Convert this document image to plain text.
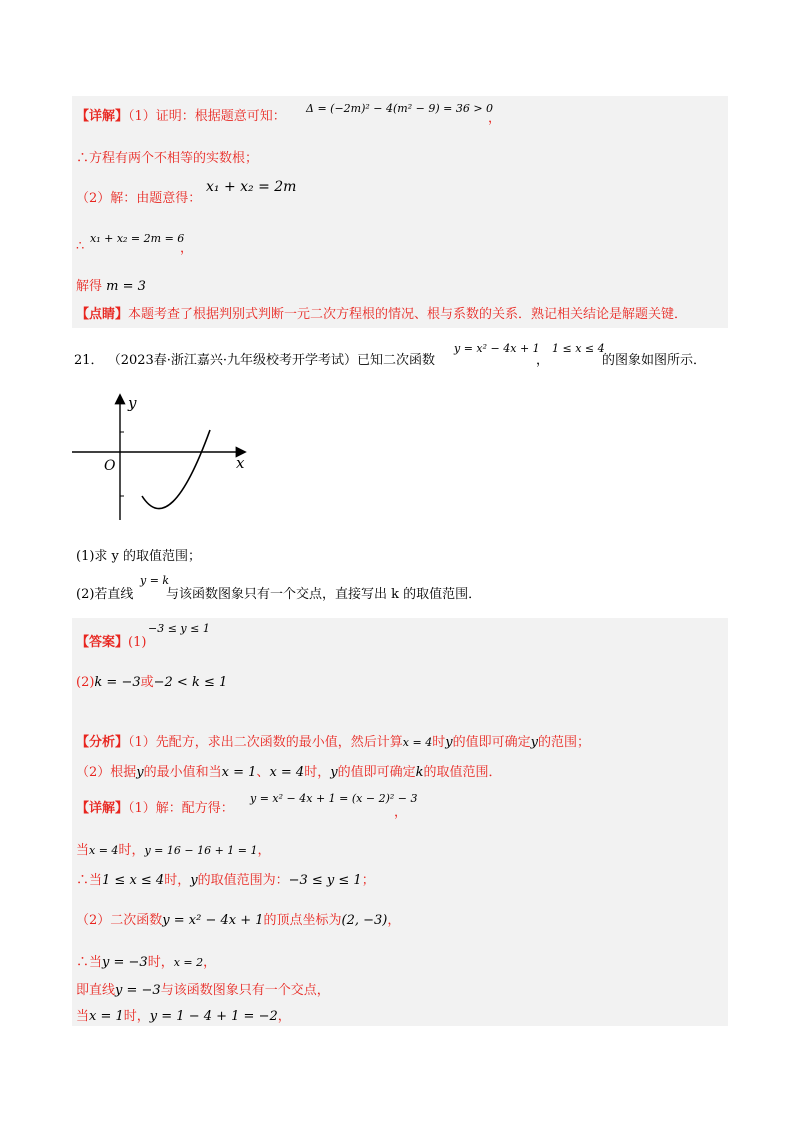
【详解】（1）证明：根据题意可知：
Δ = (−2m)² − 4(m² − 9) = 36 > 0
，
∴方程有两个不相等的实数根；
（2）解：由题意得：
x₁ + x₂ = 2m
∴
x₁ + x₂ = 2m = 6
，
解得 m = 3
【点睛】本题考查了根据判别式判断一元二次方程根的情况、根与系数的关系．熟记相关结论是解题关键．
21． （2023春·浙江嘉兴·九年级校考开学考试）已知二次函数
y = x² − 4x + 1
，
1 ≤ x ≤ 4
的图象如图所示．
y
x
O
(1)求 y 的取值范围；
(2)若直线
y = k
与该函数图象只有一个交点，直接写出 k 的取值范围．
【答案】(1)
−3 ≤ y ≤ 1
(2)k = −3或−2 < k ≤ 1
【分析】（1）先配方，求出二次函数的最小值，然后计算x = 4时y的值即可确定y的范围；
（2）根据y的最小值和当x = 1、x = 4时，y的值即可确定k的取值范围．
【详解】（1）解：配方得：
y = x² − 4x + 1 = (x − 2)² − 3
，
当x = 4时，y = 16 − 16 + 1 = 1，
∴当1 ≤ x ≤ 4时，y的取值范围为：−3 ≤ y ≤ 1；
（2）二次函数y = x² − 4x + 1的顶点坐标为(2, −3)，
∴当y = −3时，x = 2，
即直线y = −3与该函数图象只有一个交点，
当x = 1时，y = 1 − 4 + 1 = −2，
